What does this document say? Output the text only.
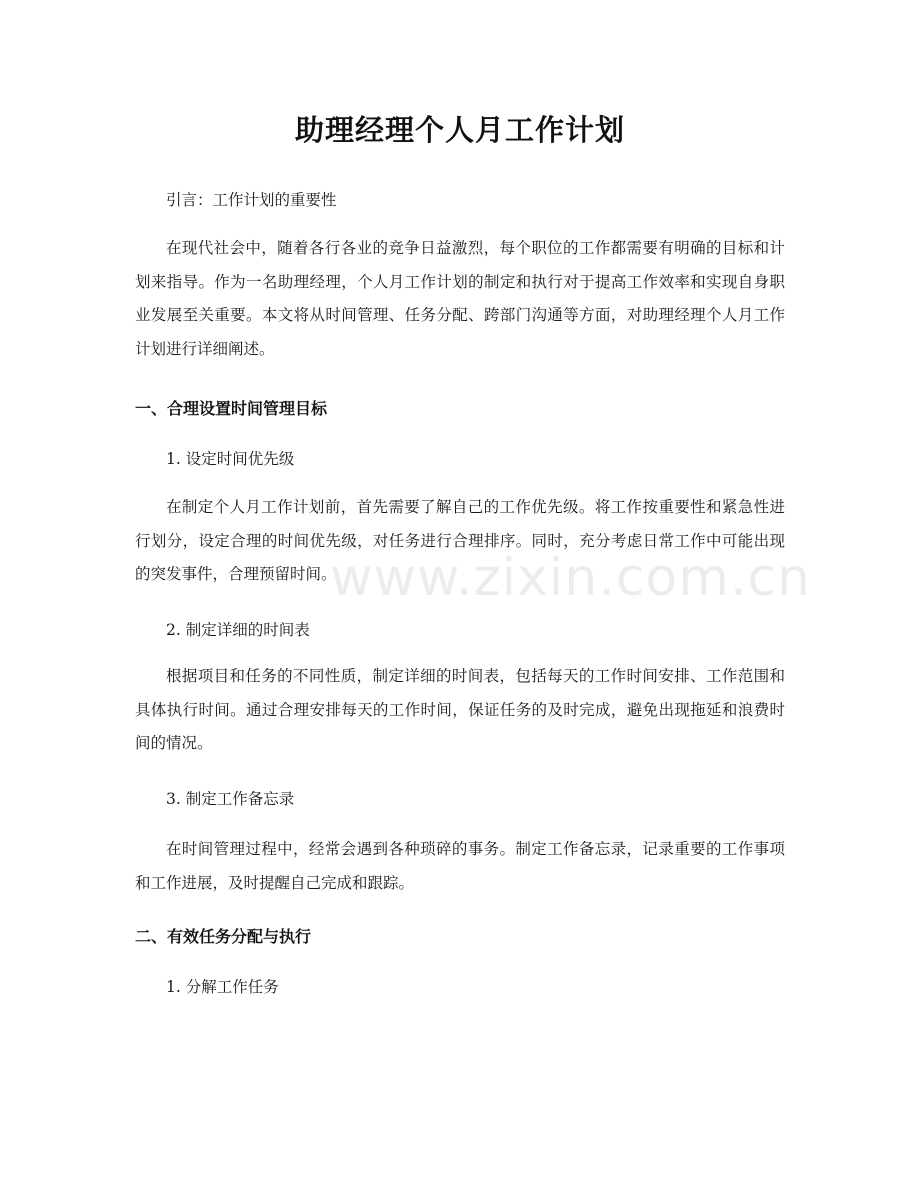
助理经理个人月工作计划
引言：工作计划的重要性
在现代社会中，随着各行各业的竞争日益激烈，每个职位的工作都需要有明确的目标和计划来指导。作为一名助理经理，个人月工作计划的制定和执行对于提高工作效率和实现自身职业发展至关重要。本文将从时间管理、任务分配、跨部门沟通等方面，对助理经理个人月工作计划进行详细阐述。
一、合理设置时间管理目标
1. 设定时间优先级
在制定个人月工作计划前，首先需要了解自己的工作优先级。将工作按重要性和紧急性进行划分，设定合理的时间优先级，对任务进行合理排序。同时，充分考虑日常工作中可能出现的突发事件，合理预留时间。
2. 制定详细的时间表
根据项目和任务的不同性质，制定详细的时间表，包括每天的工作时间安排、工作范围和具体执行时间。通过合理安排每天的工作时间，保证任务的及时完成，避免出现拖延和浪费时间的情况。
3. 制定工作备忘录
在时间管理过程中，经常会遇到各种琐碎的事务。制定工作备忘录，记录重要的工作事项和工作进展，及时提醒自己完成和跟踪。
二、有效任务分配与执行
1. 分解工作任务
www.zixin.com.cn
